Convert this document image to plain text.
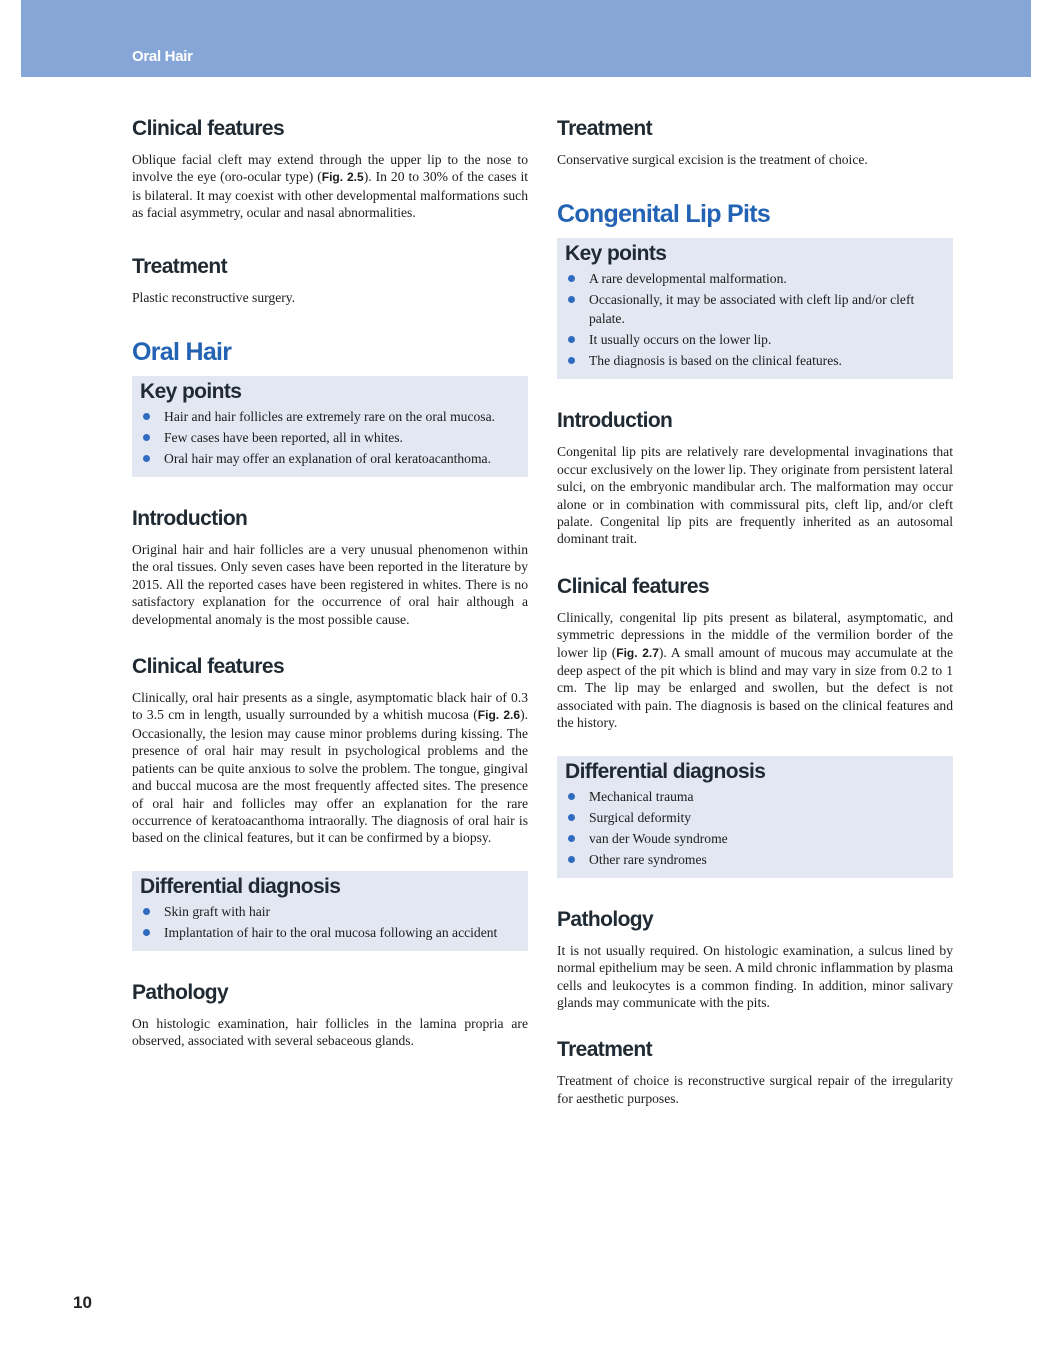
Oral Hair
Clinical features

Oblique facial cleft may extend through the upper lip to the nose to involve the eye (oro-ocular type) (Fig. 2.5). In 20 to 30% of the cases it is bilateral. It may coexist with other developmental malformations such as facial asymmetry, ocular and nasal abnormalities.

Treatment

Plastic reconstructive surgery.

Oral Hair
Key points
Hair and hair follicles are extremely rare on the oral mucosa.
Few cases have been reported, all in whites.
Oral hair may offer an explanation of oral keratoacanthoma.
Introduction

Original hair and hair follicles are a very unusual phenomenon within the oral tissues. Only seven cases have been reported in the literature by 2015. All the reported cases have been registered in whites. There is no satisfactory explanation for the occurrence of oral hair although a developmental anomaly is the most possible cause.

Clinical features

Clinically, oral hair presents as a single, asymptomatic black hair of 0.3 to 3.5 cm in length, usually surrounded by a whitish mucosa (Fig. 2.6). Occasionally, the lesion may cause minor problems during kissing. The presence of oral hair may result in psychological problems and the patients can be quite anxious to solve the problem. The tongue, gingival and buccal mucosa are the most frequently affected sites. The presence of oral hair and follicles may offer an explanation for the rare occurrence of keratoacanthoma intraorally. The diagnosis of oral hair is based on the clinical features, but it can be confirmed by a biopsy.

Differential diagnosis
Skin graft with hair
Implantation of hair to the oral mucosa following an accident
Pathology

On histologic examination, hair follicles in the lamina propria are observed, associated with several sebaceous glands.

Treatment

Conservative surgical excision is the treatment of choice.

Congenital Lip Pits
Key points
A rare developmental malformation.
Occasionally, it may be associated with cleft lip and/or cleft palate.
It usually occurs on the lower lip.
The diagnosis is based on the clinical features.
Introduction

Congenital lip pits are relatively rare developmental invaginations that occur exclusively on the lower lip. They originate from persistent lateral sulci, on the embryonic mandibular arch. The malformation may occur alone or in combination with commissural pits, cleft lip, and/or cleft palate. Congenital lip pits are frequently inherited as an autosomal dominant trait.

Clinical features

Clinically, congenital lip pits present as bilateral, asymptomatic, and symmetric depressions in the middle of the vermilion border of the lower lip (Fig. 2.7). A small amount of mucous may accumulate at the deep aspect of the pit which is blind and may vary in size from 0.2 to 1 cm. The lip may be enlarged and swollen, but the defect is not associated with pain. The diagnosis is based on the clinical features and the history.

Differential diagnosis
Mechanical trauma
Surgical deformity
van der Woude syndrome
Other rare syndromes
Pathology

It is not usually required. On histologic examination, a sulcus lined by normal epithelium may be seen. A mild chronic inflammation by plasma cells and leukocytes is a common finding. In addition, minor salivary glands may communicate with the pits.

Treatment

Treatment of choice is reconstructive surgical repair of the irregularity for aesthetic purposes.

10
